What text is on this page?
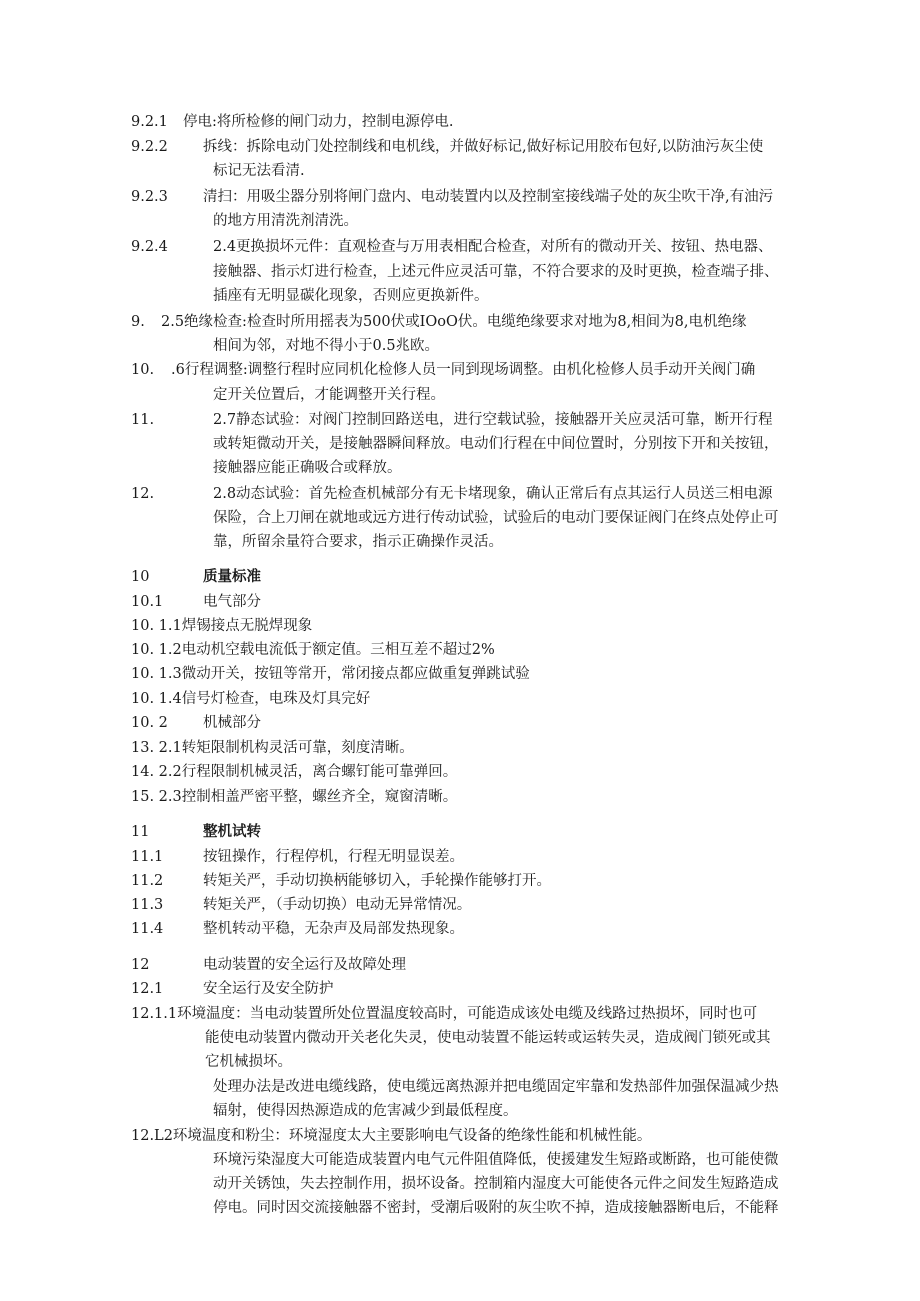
9.2.1 停电:将所检修的闸门动力，控制电源停电.
9.2.2 拆线：拆除电动门处控制线和电机线，并做好标记,做好标记用胶布包好,以防油污灰尘使
标记无法看清.
9.2.3 清扫：用吸尘器分别将闸门盘内、电动装置内以及控制室接线端子处的灰尘吹干净,有油污
的地方用清洗剂清洗。
9.2.4	2.4更换损坏元件：直观检查与万用表相配合检查，对所有的微动开关、按钮、热电器、
接触器、指示灯进行检查，上述元件应灵活可靠，不符合要求的及时更换，检查端子排、
插座有无明显碳化现象，否则应更换新件。
9. 2.5绝缘检查:检查时所用摇表为500伏或IOoO伏。电缆绝缘要求对地为8,相间为8,电机绝缘
相间为邻，对地不得小于0.5兆欧。
10. .6行程调整:调整行程时应同机化检修人员一同到现场调整。由机化检修人员手动开关阀门确
定开关位置后，才能调整开关行程。
11.	2.7静态试验：对阀门控制回路送电，进行空载试验，接触器开关应灵活可靠，断开行程
或转矩微动开关，是接触器瞬间释放。电动们行程在中间位置时，分别按下开和关按钮，
接触器应能正确吸合或释放。
12.	2.8动态试验：首先检查机械部分有无卡堵现象，确认正常后有点其运行人员送三相电源
保险，合上刀闸在就地或远方进行传动试验，试验后的电动门要保证阀门在终点处停止可
靠，所留余量符合要求，指示正确操作灵活。
10	质量标准
10.1	电气部分
10. 1.1焊锡接点无脱焊现象
10. 1.2电动机空载电流低于额定值。三相互差不超过2%
10. 1.3微动开关，按钮等常开，常闭接点都应做重复弹跳试验
10. 1.4信号灯检查，电珠及灯具完好
10. 2 机械部分
13. 2.1转矩限制机构灵活可靠，刻度清晰。
14. 2.2行程限制机械灵活，离合螺钉能可靠弹回。
15. 2.3控制相盖严密平整，螺丝齐全，窥窗清晰。
11	整机试转
11.1	按钮操作，行程停机，行程无明显误差。
11.2	转矩关严，手动切换柄能够切入，手轮操作能够打开。
11.3	转矩关严，（手动切换）电动无异常情况。
11.4	整机转动平稳，无杂声及局部发热现象。
12	电动装置的安全运行及故障处理
12.1	安全运行及安全防护
12.1.1环境温度：当电动装置所处位置温度较高时，可能造成该处电缆及线路过热损坏，同时也可
能使电动装置内微动开关老化失灵，使电动装置不能运转或运转失灵，造成阀门锁死或其
它机械损坏。
处理办法是改进电缆线路，使电缆远离热源并把电缆固定牢靠和发热部件加强保温减少热
辐射，使得因热源造成的危害减少到最低程度。
12.L2环境温度和粉尘：环境湿度太大主要影响电气设备的绝缘性能和机械性能。
环境污染湿度大可能造成装置内电气元件阻值降低，使援建发生短路或断路，也可能使微
动开关锈蚀，失去控制作用，损坏设备。控制箱内湿度大可能使各元件之间发生短路造成
停电。同时因交流接触器不密封，受潮后吸附的灰尘吹不掉，造成接触器断电后，不能释
